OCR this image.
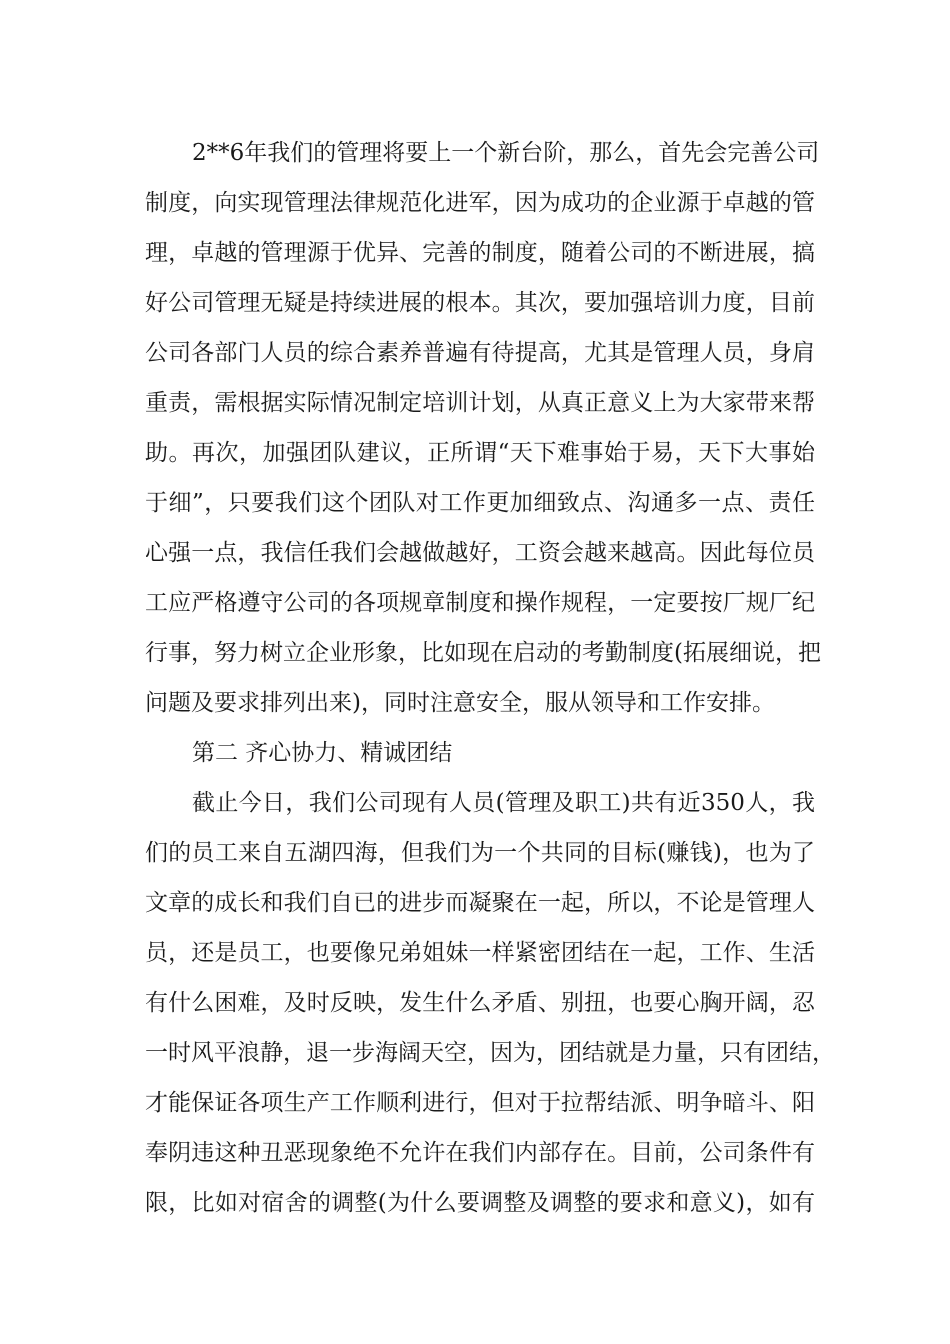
2**6年我们的管理将要上一个新台阶，那么，首先会完善公司
制度，向实现管理法律规范化进军，因为成功的企业源于卓越的管
理，卓越的管理源于优异、完善的制度，随着公司的不断进展，搞
好公司管理无疑是持续进展的根本。其次，要加强培训力度，目前
公司各部门人员的综合素养普遍有待提高，尤其是管理人员，身肩
重责，需根据实际情况制定培训计划，从真正意义上为大家带来帮
助。再次，加强团队建议，正所谓“天下难事始于易，天下大事始
于细”，只要我们这个团队对工作更加细致点、沟通多一点、责任
心强一点，我信任我们会越做越好，工资会越来越高。因此每位员
工应严格遵守公司的各项规章制度和操作规程，一定要按厂规厂纪
行事，努力树立企业形象，比如现在启动的考勤制度(拓展细说，把
问题及要求排列出来)，同时注意安全，服从领导和工作安排。
第二 齐心协力、精诚团结
截止今日，我们公司现有人员(管理及职工)共有近350人，我
们的员工来自五湖四海，但我们为一个共同的目标(赚钱)，也为了
文章的成长和我们自已的进步而凝聚在一起，所以，不论是管理人
员，还是员工，也要像兄弟姐妹一样紧密团结在一起，工作、生活
有什么困难，及时反映，发生什么矛盾、别扭，也要心胸开阔，忍
一时风平浪静，退一步海阔天空，因为，团结就是力量，只有团结，
才能保证各项生产工作顺利进行，但对于拉帮结派、明争暗斗、阳
奉阴违这种丑恶现象绝不允许在我们内部存在。目前，公司条件有
限，比如对宿舍的调整(为什么要调整及调整的要求和意义)，如有
